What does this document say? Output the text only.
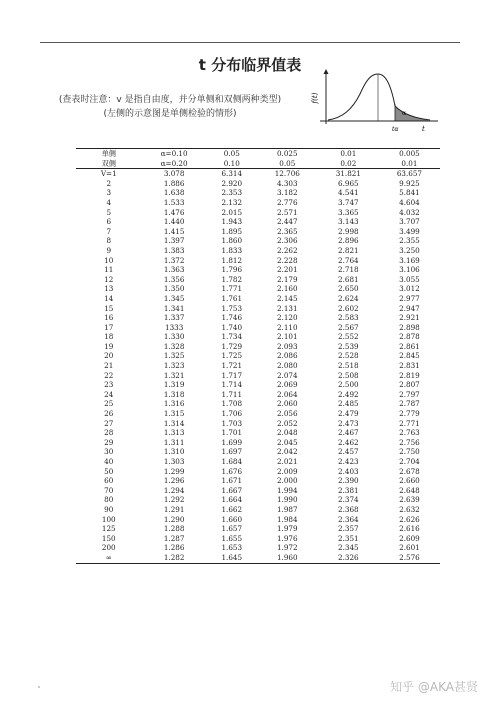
t 分布临界值表
(查表时注意：v 是指自由度，并分单侧和双侧两种类型)
(左侧的示意图是单侧检验的情形)
f(t)
α
tα	t
单侧	α=0.10	0.05	0.025	0.01	0.005
双侧	α=0.20	0.10	0.05	0.02	0.01
V=1	3.078	6.314	12.706	31.821	63.657
2	1.886	2.920	4.303	6.965	9.925
3	1.638	2.353	3.182	4.541	5.841
4	1.533	2.132	2.776	3.747	4.604
5	1.476	2.015	2.571	3.365	4.032
6	1.440	1.943	2.447	3.143	3.707
7	1.415	1.895	2.365	2.998	3.499
8	1.397	1.860	2.306	2.896	2.355
9	1.383	1.833	2.262	2.821	3.250
10	1.372	1.812	2.228	2.764	3.169
11	1.363	1.796	2.201	2.718	3.106
12	1.356	1.782	2.179	2.681	3.055
13	1.350	1.771	2.160	2.650	3.012
14	1.345	1.761	2.145	2.624	2.977
15	1.341	1.753	2.131	2.602	2.947
16	1.337	1.746	2.120	2.583	2.921
17	1333	1.740	2.110	2.567	2.898
18	1.330	1.734	2.101	2.552	2.878
19	1.328	1.729	2.093	2.539	2.861
20	1.325	1.725	2.086	2.528	2.845
21	1.323	1.721	2.080	2.518	2.831
22	1.321	1.717	2.074	2.508	2.819
23	1.319	1.714	2.069	2.500	2.807
24	1.318	1.711	2.064	2.492	2.797
25	1.316	1.708	2.060	2.485	2.787
26	1.315	1.706	2.056	2.479	2.779
27	1.314	1.703	2.052	2.473	2.771
28	1.313	1.701	2.048	2.467	2.763
29	1.311	1.699	2.045	2.462	2.756
30	1.310	1.697	2.042	2.457	2.750
40	1.303	1.684	2.021	2.423	2.704
50	1.299	1.676	2.009	2.403	2.678
60	1.296	1.671	2.000	2.390	2.660
70	1.294	1.667	1.994	2.381	2.648
80	1.292	1.664	1.990	2.374	2.639
90	1.291	1.662	1.987	2.368	2.632
100	1.290	1.660	1.984	2.364	2.626
125	1.288	1.657	1.979	2.357	2.616
150	1.287	1.655	1.976	2.351	2.609
200	1.286	1.653	1.972	2.345	2.601
∞	1.282	1.645	1.960	2.326	2.576
知乎 @AKA甚贤
